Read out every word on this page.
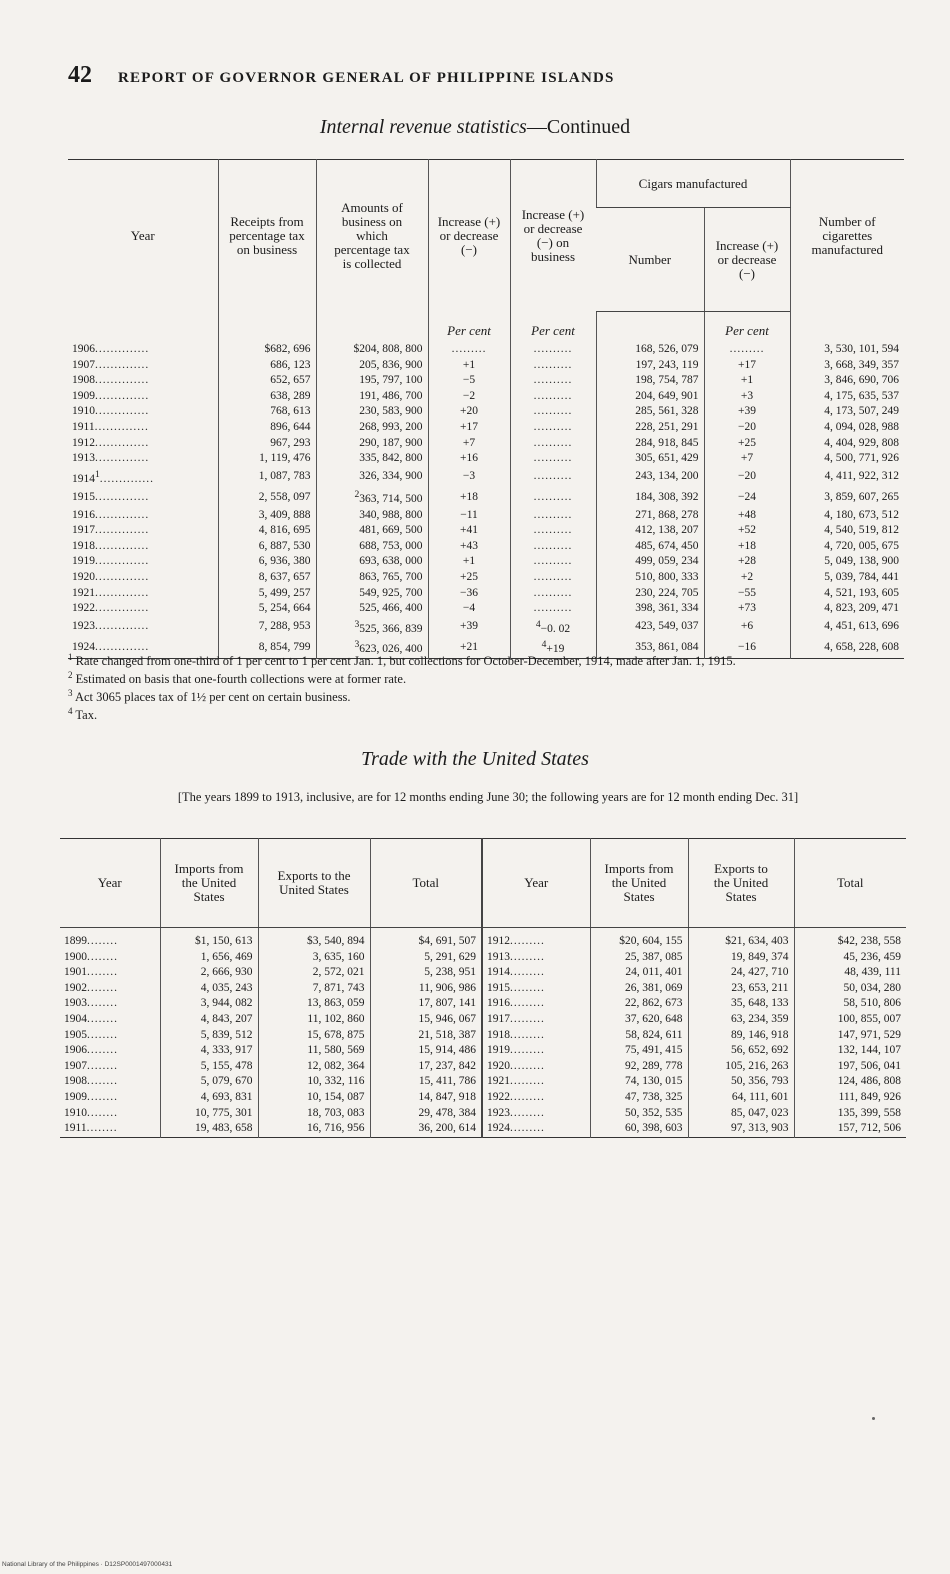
42 REPORT OF GOVERNOR GENERAL OF PHILIPPINE ISLANDS
Internal revenue statistics—Continued
Year	Receipts from percentage tax on business	Amounts of business on which percentage tax is collected	Increase (+) or decrease (−)	Increase (+) or decrease (−) on business	Cigars manufactured		Number of cigarettes manufactured
					Number	Increase (+) or decrease (−)	
			Per cent	Per cent		Per cent	
1906..............	$682, 696	$204, 808, 800	.........	..........	168, 526, 079	.........	3, 530, 101, 594
1907..............	686, 123	205, 836, 900	+1	..........	197, 243, 119	+17	3, 668, 349, 357
1908..............	652, 657	195, 797, 100	−5	..........	198, 754, 787	+1	3, 846, 690, 706
1909..............	638, 289	191, 486, 700	−2	..........	204, 649, 901	+3	4, 175, 635, 537
1910..............	768, 613	230, 583, 900	+20	..........	285, 561, 328	+39	4, 173, 507, 249
1911..............	896, 644	268, 993, 200	+17	..........	228, 251, 291	−20	4, 094, 028, 988
1912..............	967, 293	290, 187, 900	+7	..........	284, 918, 845	+25	4, 404, 929, 808
1913..............	1, 119, 476	335, 842, 800	+16	..........	305, 651, 429	+7	4, 500, 771, 926
1914$^1$..............	1, 087, 783	326, 334, 900	−3	..........	243, 134, 200	−20	4, 411, 922, 312
1915..............	2, 558, 097	$^2$363, 714, 500	+18	..........	184, 308, 392	−24	3, 859, 607, 265
1916..............	3, 409, 888	340, 988, 800	−11	..........	271, 868, 278	+48	4, 180, 673, 512
1917..............	4, 816, 695	481, 669, 500	+41	..........	412, 138, 207	+52	4, 540, 519, 812
1918..............	6, 887, 530	688, 753, 000	+43	..........	485, 674, 450	+18	4, 720, 005, 675
1919..............	6, 936, 380	693, 638, 000	+1	..........	499, 059, 234	+28	5, 049, 138, 900
1920..............	8, 637, 657	863, 765, 700	+25	..........	510, 800, 333	+2	5, 039, 784, 441
1921..............	5, 499, 257	549, 925, 700	−36	..........	230, 224, 705	−55	4, 521, 193, 605
1922..............	5, 254, 664	525, 466, 400	−4	..........	398, 361, 334	+73	4, 823, 209, 471
1923..............	7, 288, 953	$^3$525, 366, 839	+39	$^4$−0. 02	423, 549, 037	+6	4, 451, 613, 696
1924..............	8, 854, 799	$^3$623, 026, 400	+21	$^4$+19	353, 861, 084	−16	4, 658, 228, 608

$^1$ Rate changed from one-third of 1 per cent to 1 per cent Jan. 1, but collections for October-December, 1914, made after Jan. 1, 1915.

$^2$ Estimated on basis that one-fourth collections were at former rate.

$^3$ Act 3065 places tax of 1½ per cent on certain business.

$^4$ Tax.

Trade with the United States
[The years 1899 to 1913, inclusive, are for 12 months ending June 30; the following years are for 12 month ending Dec. 31]
Year	Imports from the United States	Exports to the United States	Total	Year	Imports from the United States	Exports to the United States	Total
1899........	$1, 150, 613	$3, 540, 894	$4, 691, 507	1912.........	$20, 604, 155	$21, 634, 403	$42, 238, 558
1900........	1, 656, 469	3, 635, 160	5, 291, 629	1913.........	25, 387, 085	19, 849, 374	45, 236, 459
1901........	2, 666, 930	2, 572, 021	5, 238, 951	1914.........	24, 011, 401	24, 427, 710	48, 439, 111
1902........	4, 035, 243	7, 871, 743	11, 906, 986	1915.........	26, 381, 069	23, 653, 211	50, 034, 280
1903........	3, 944, 082	13, 863, 059	17, 807, 141	1916.........	22, 862, 673	35, 648, 133	58, 510, 806
1904........	4, 843, 207	11, 102, 860	15, 946, 067	1917.........	37, 620, 648	63, 234, 359	100, 855, 007
1905........	5, 839, 512	15, 678, 875	21, 518, 387	1918.........	58, 824, 611	89, 146, 918	147, 971, 529
1906........	4, 333, 917	11, 580, 569	15, 914, 486	1919.........	75, 491, 415	56, 652, 692	132, 144, 107
1907........	5, 155, 478	12, 082, 364	17, 237, 842	1920.........	92, 289, 778	105, 216, 263	197, 506, 041
1908........	5, 079, 670	10, 332, 116	15, 411, 786	1921.........	74, 130, 015	50, 356, 793	124, 486, 808
1909........	4, 693, 831	10, 154, 087	14, 847, 918	1922.........	47, 738, 325	64, 111, 601	111, 849, 926
1910........	10, 775, 301	18, 703, 083	29, 478, 384	1923.........	50, 352, 535	85, 047, 023	135, 399, 558
1911........	19, 483, 658	16, 716, 956	36, 200, 614	1924.........	60, 398, 603	97, 313, 903	157, 712, 506
National Library of the Philippines · D12SP0001497000431
